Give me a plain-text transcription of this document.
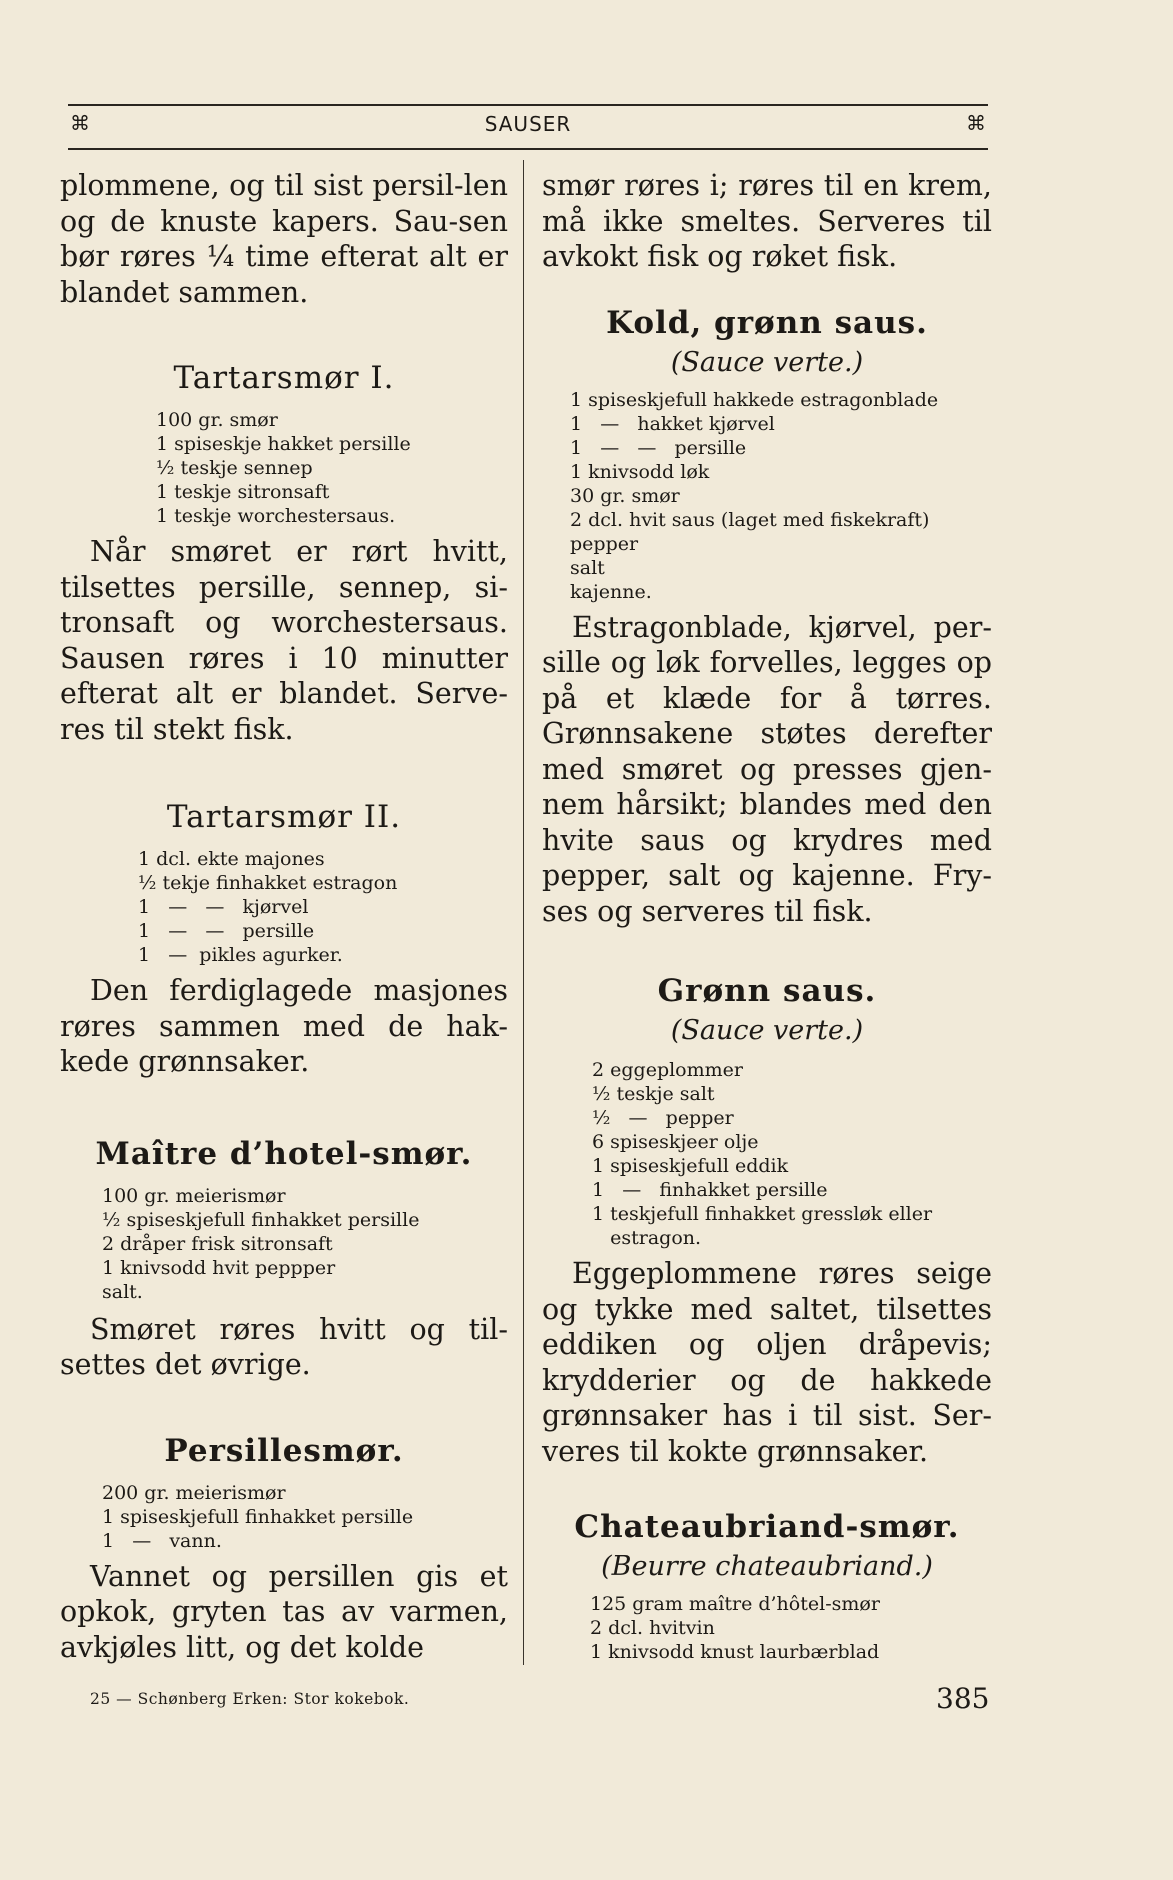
⌘	SAUSER	⌘

plommene, og til sist persil-len og de knuste kapers. Sau-sen bør røres ¼ time efterat alt er blandet sammen.

Tartarsmør I.
100 gr. smør
1 spiseskje hakket persille
½ teskje sennep
1 teskje sitronsaft
1 teskje worchestersaus.

Når smøret er rørt hvitt, tilsettes persille, sennep, si-tronsaft og worchestersaus. Sausen røres i 10 minutter efterat alt er blandet. Serve-res til stekt fisk.

Tartarsmør II.
1 dcl. ekte majones
½ tekje finhakket estragon
1   —   —   kjørvel
1   —   —   persille
1   —  pikles agurker.

Den ferdiglagede masjones røres sammen med de hak-kede grønnsaker.

Maître d’hotel-smør.
100 gr. meierismør
½ spiseskjefull finhakket persille
2 dråper frisk sitronsaft
1 knivsodd hvit peppper
salt.

Smøret røres hvitt og til-settes det øvrige.

Persillesmør.
200 gr. meierismør
1 spiseskjefull finhakket persille
1   —   vann.

Vannet og persillen gis et opkok, gryten tas av varmen, avkjøles litt, og det kolde

smør røres i; røres til en krem, må ikke smeltes. Serveres til avkokt fisk og røket fisk.

Kold, grønn saus.

(Sauce verte.)

1 spiseskjefull hakkede estragonblade
1   —   hakket kjørvel
1   —   —   persille
1 knivsodd løk
30 gr. smør
2 dcl. hvit saus (laget med fiskekraft)
pepper
salt
kajenne.

Estragonblade, kjørvel, per-sille og løk forvelles, legges op på et klæde for å tørres. Grønnsakene støtes derefter med smøret og presses gjen-nem hårsikt; blandes med den hvite saus og krydres med pepper, salt og kajenne. Fry-ses og serveres til fisk.

Grønn saus.

(Sauce verte.)

2 eggeplommer
½ teskje salt
½   —   pepper
6 spiseskjeer olje
1 spiseskjefull eddik
1   —   finhakket persille
1 teskjefull finhakket gressløk eller
estragon.

Eggeplommene røres seige og tykke med saltet, tilsettes eddiken og oljen dråpevis; krydderier og de hakkede grønnsaker has i til sist. Ser-veres til kokte grønnsaker.

Chateaubriand-smør.

(Beurre chateaubriand.)

125 gram maître d’hôtel-smør
2 dcl. hvitvin
1 knivsodd knust laurbærblad
25 — Schønberg Erken: Stor kokebok.	385
